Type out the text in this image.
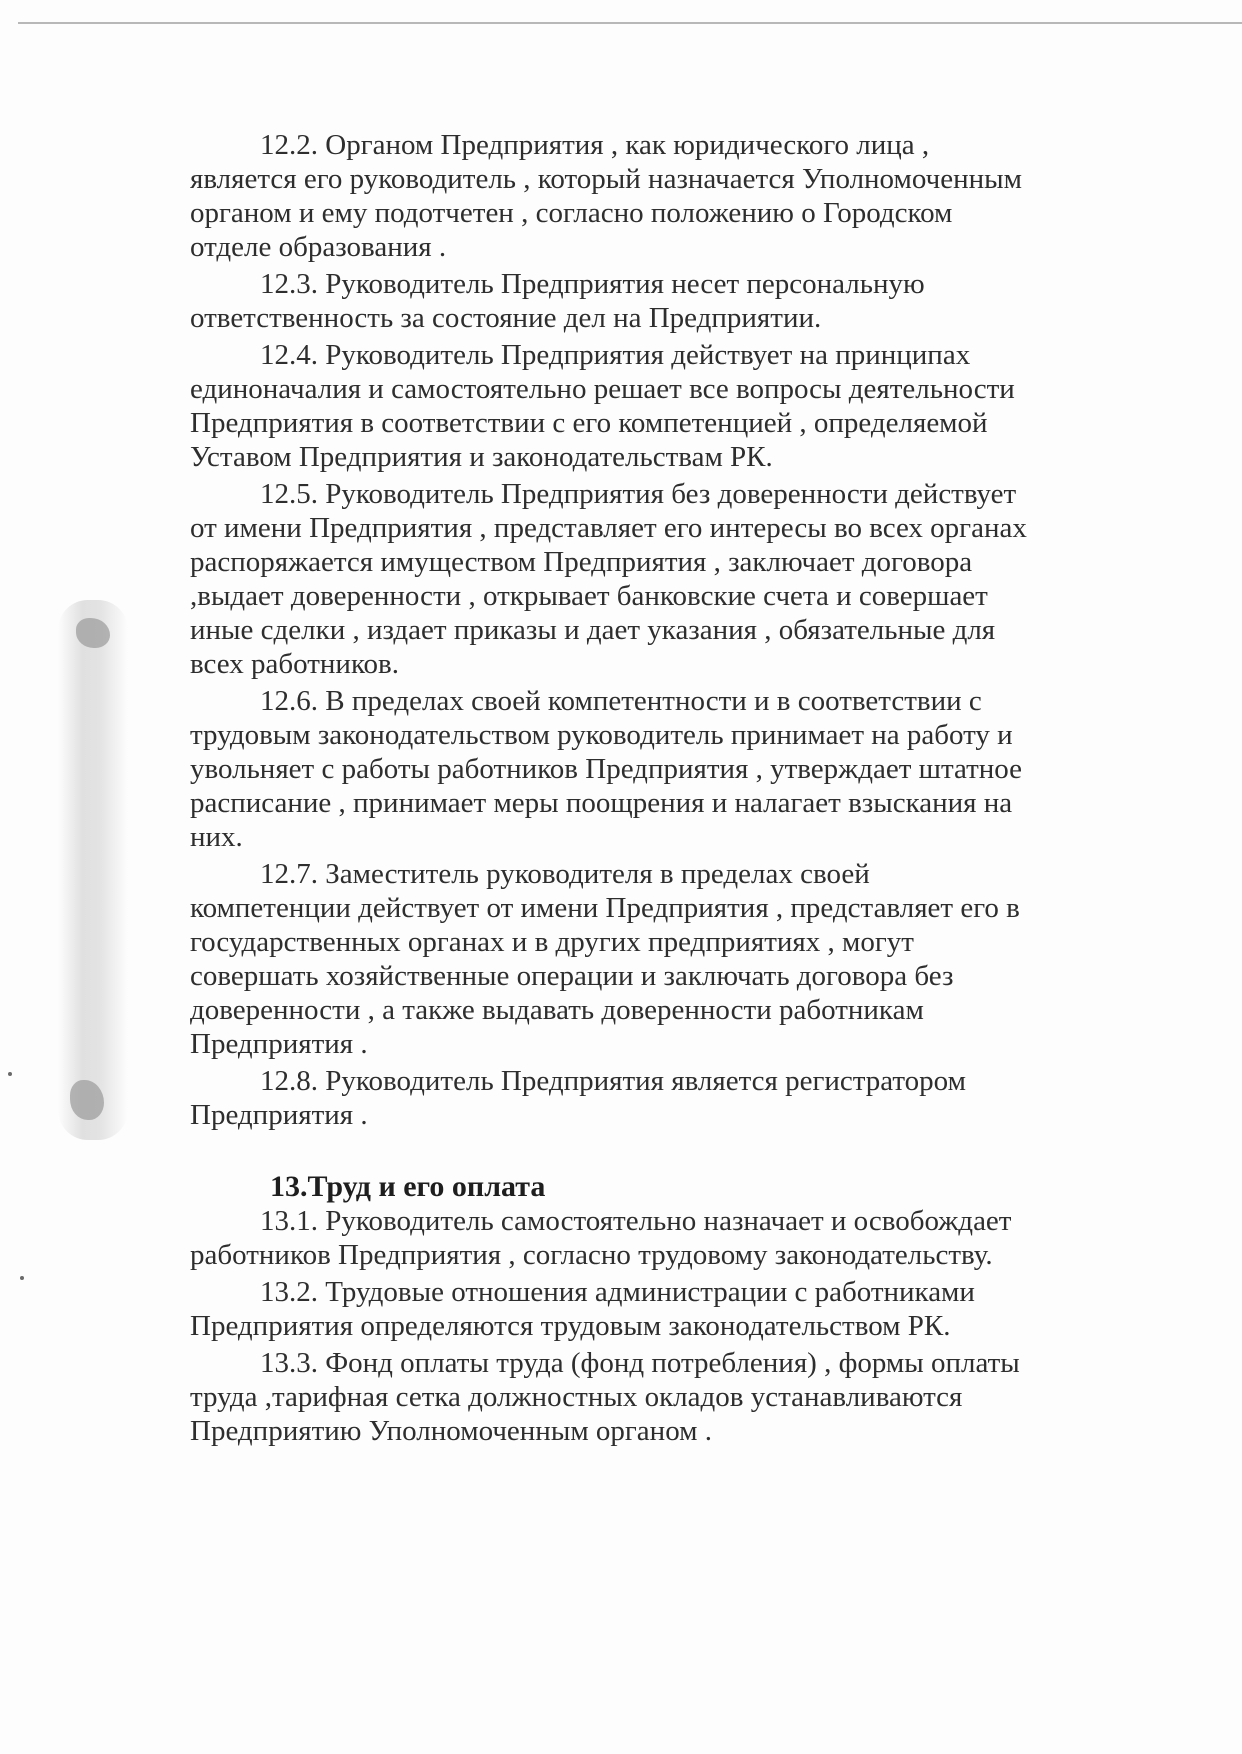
12.2. Органом Предприятия , как юридического лица ,
является его руководитель , который назначается Уполномоченным
органом и ему подотчетен , согласно положению о Городском
отделе образования .
12.3. Руководитель Предприятия несет персональную
ответственность за состояние дел на Предприятии.
12.4. Руководитель Предприятия действует на принципах
единоначалия и самостоятельно решает все вопросы деятельности
Предприятия в соответствии с его компетенцией , определяемой
Уставом Предприятия и законодательствам РК.
12.5. Руководитель Предприятия без доверенности действует
от имени Предприятия , представляет его интересы во всех органах
распоряжается имуществом Предприятия , заключает договора
,выдает доверенности , открывает банковские счета и совершает
иные сделки , издает приказы и дает указания , обязательные для
всех работников.
12.6. В пределах своей компетентности и в соответствии с
трудовым законодательством руководитель принимает на работу и
увольняет с работы работников Предприятия , утверждает штатное
расписание , принимает меры поощрения и налагает взыскания на
них.
12.7. Заместитель руководителя в пределах своей
компетенции действует от имени Предприятия , представляет его в
государственных органах и в других предприятиях , могут
совершать хозяйственные операции и заключать договора без
доверенности , а также выдавать доверенности работникам
Предприятия .
12.8. Руководитель Предприятия является регистратором
Предприятия .
13.Труд и его оплата
13.1. Руководитель самостоятельно назначает и освобождает
работников Предприятия , согласно трудовому законодательству.
13.2. Трудовые отношения администрации с работниками
Предприятия определяются трудовым законодательством РК.
13.3. Фонд оплаты труда (фонд потребления) , формы оплаты
труда ,тарифная сетка должностных окладов устанавливаются
Предприятию Уполномоченным органом .
